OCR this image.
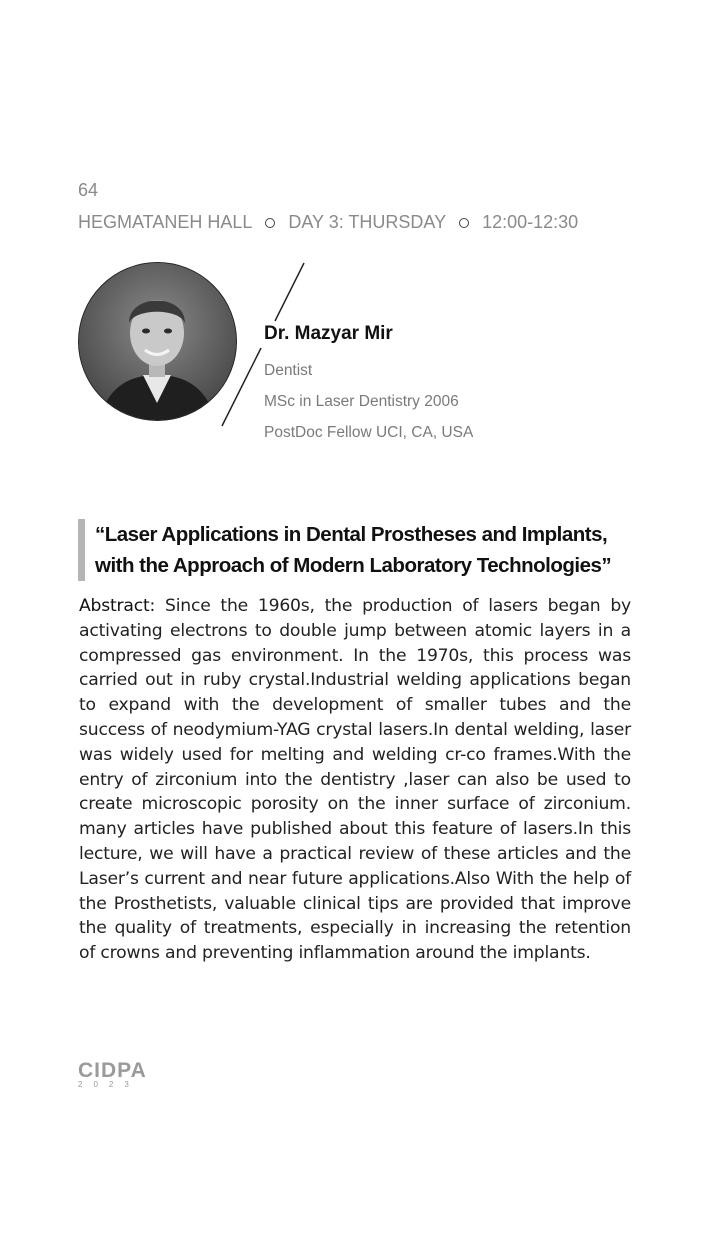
64
HEGMATANEH HALL DAY 3: THURSDAY 12:00-12:30
Dr. Mazyar Mir
Dentist
MSc in Laser Dentistry 2006
PostDoc Fellow UCI, CA, USA
“Laser Applications in Dental Prostheses and Implants,
with the Approach of Modern Laboratory Technologies”
Abstract: Since the 1960s, the production of lasers began by activating electrons to double jump between atomic layers in a compressed gas environment. In the 1970s, this process was carried out in ruby crystal.Industrial welding applications began to expand with the development of smaller tubes and the success of neodymium-YAG crystal lasers.In dental welding, laser was widely used for melting and welding cr-co frames.With the entry of zirconium into the dentistry ,laser can also be used to create microscopic porosity on the inner surface of zirconium. many articles have published about this feature of lasers.In this lecture, we will have a practical review of these articles and the Laser’s current and near future applications.Also With the help of the Prosthetists, valuable clinical tips are provided that improve the quality of treatments, especially in increasing the retention of crowns and preventing inflammation around the implants.
CIDPA
2023
